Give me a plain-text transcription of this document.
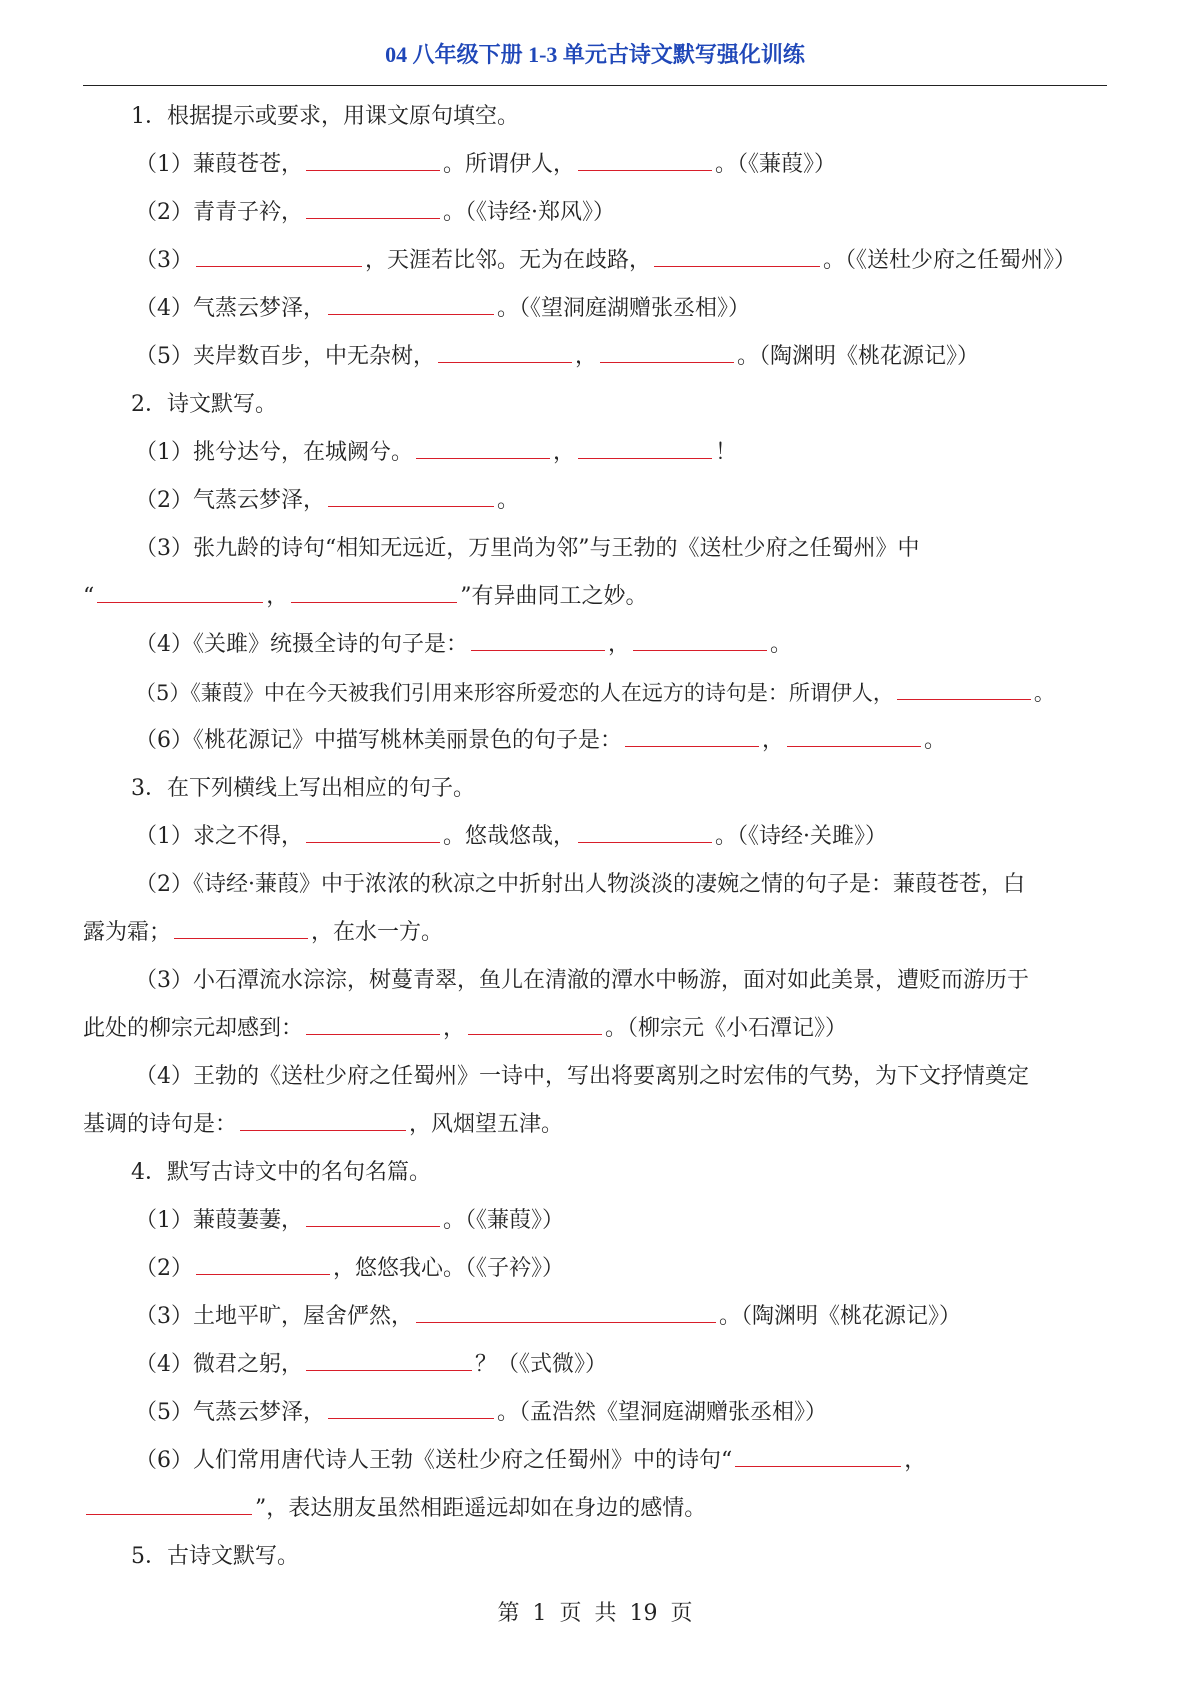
04 八年级下册 1-3 单元古诗文默写强化训练
1．根据提示或要求，用课文原句填空。
（1）蒹葭苍苍，	。所谓伊人，	。（《蒹葭》）
（2）青青子衿，	。（《诗经·郑风》）
（3）	，天涯若比邻。无为在歧路，	。（《送杜少府之任蜀州》）
（4）气蒸云梦泽，	。（《望洞庭湖赠张丞相》）
（5）夹岸数百步，中无杂树，	，	。（陶渊明《桃花源记》）
2．诗文默写。
（1）挑兮达兮，在城阙兮。	，	！
（2）气蒸云梦泽，	。
（3）张九龄的诗句“相知无远近，万里尚为邻”与王勃的《送杜少府之任蜀州》中
“	，	”有异曲同工之妙。
（4）《关雎》统摄全诗的句子是：	，	。
（5）《蒹葭》中在今天被我们引用来形容所爱恋的人在远方的诗句是：所谓伊人，	。
（6）《桃花源记》中描写桃林美丽景色的句子是：	，	。
3．在下列横线上写出相应的句子。
（1）求之不得，	。悠哉悠哉，	。（《诗经·关雎》）
（2）《诗经·蒹葭》中于浓浓的秋凉之中折射出人物淡淡的凄婉之情的句子是：蒹葭苍苍，白
露为霜；	，在水一方。
（3）小石潭流水淙淙，树蔓青翠，鱼儿在清澈的潭水中畅游，面对如此美景，遭贬而游历于
此处的柳宗元却感到：	，	。（柳宗元《小石潭记》）
（4）王勃的《送杜少府之任蜀州》一诗中，写出将要离别之时宏伟的气势，为下文抒情奠定
基调的诗句是：	，风烟望五津。
4．默写古诗文中的名句名篇。
（1）蒹葭萋萋，	。（《蒹葭》）
（2）	，悠悠我心。（《子衿》）
（3）土地平旷，屋舍俨然，	。（陶渊明《桃花源记》）
（4）微君之躬，	？（《式微》）
（5）气蒸云梦泽，	。（孟浩然《望洞庭湖赠张丞相》）
（6）人们常用唐代诗人王勃《送杜少府之任蜀州》中的诗句“	，
”，表达朋友虽然相距遥远却如在身边的感情。
5．古诗文默写。
第 1 页 共 19 页
